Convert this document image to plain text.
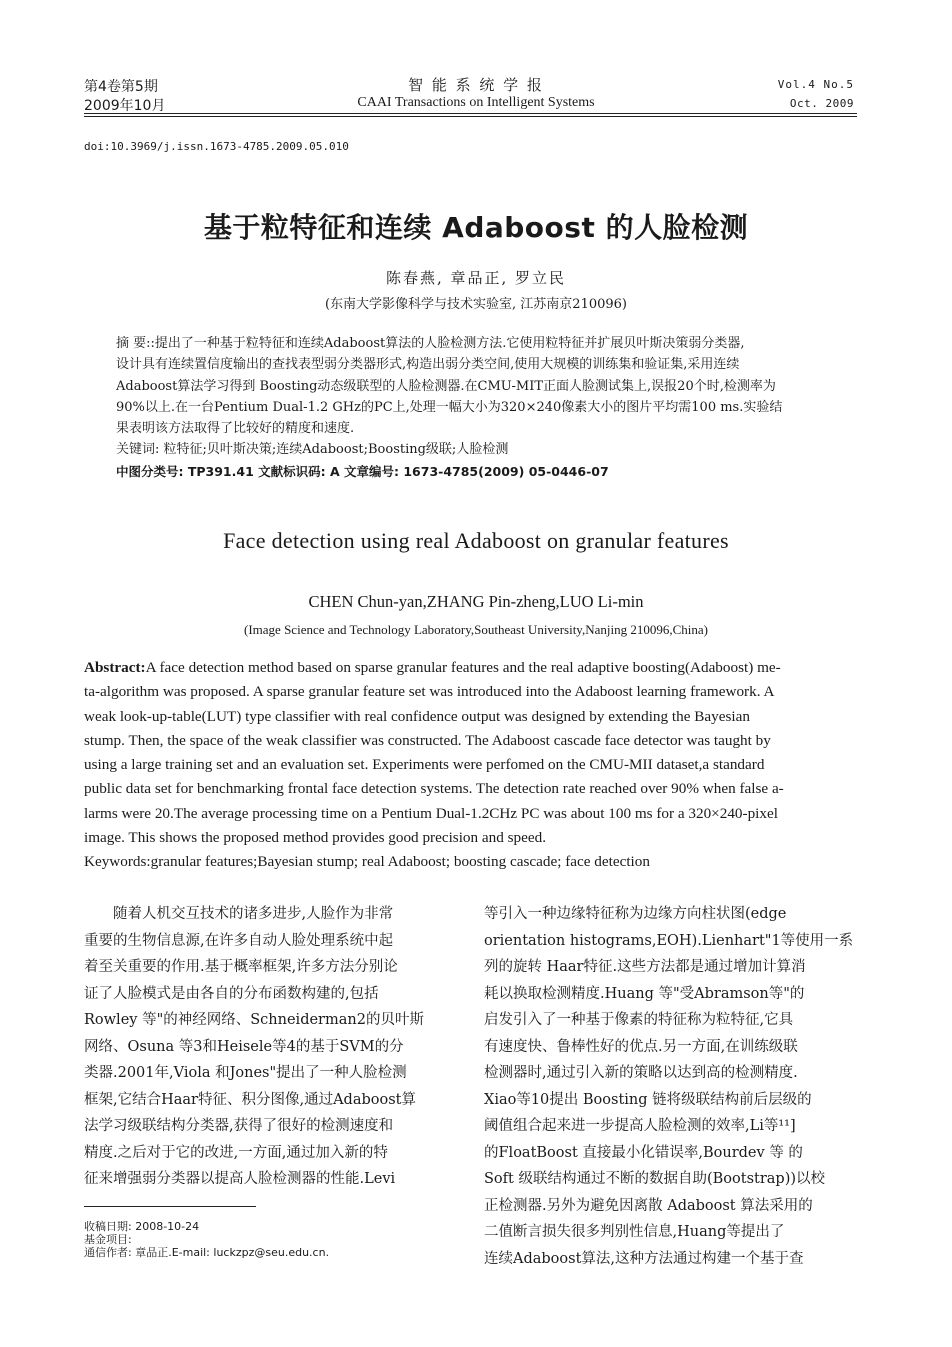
第4卷第5期
2009年10月
智 能 系 统 学 报
CAAI Transactions on Intelligent Systems
Vol.4 No.5
Oct. 2009
doi:10.3969/j.issn.1673-4785.2009.05.010
基于粒特征和连续 Adaboost 的人脸检测
陈春燕, 章品正, 罗立民
(东南大学影像科学与技术实验室, 江苏南京210096)

摘 要::提出了一种基于粒特征和连续Adaboost算法的人脸检测方法.它使用粒特征并扩展贝叶斯决策弱分类器,

设计具有连续置信度输出的查找表型弱分类器形式,构造出弱分类空间,使用大规模的训练集和验证集,采用连续

Adaboost算法学习得到 Boosting动态级联型的人脸检测器.在CMU-MIT正面人脸测试集上,误报20个时,检测率为

90%以上.在一台Pentium Dual-1.2 GHz的PC上,处理一幅大小为320×240像素大小的图片平均需100 ms.实验结

果表明该方法取得了比较好的精度和速度.

关键词: 粒特征;贝叶斯决策;连续Adaboost;Boosting级联;人脸检测

中图分类号: TP391.41 文献标识码: A 文章编号: 1673-4785(2009) 05-0446-07

Face detection using real Adaboost on granular features
CHEN Chun-yan,ZHANG Pin-zheng,LUO Li-min
(Image Science and Technology Laboratory,Southeast University,Nanjing 210096,China)

Abstract:A face detection method based on sparse granular features and the real adaptive boosting(Adaboost) me-

ta-algorithm was proposed. A sparse granular feature set was introduced into the Adaboost learning framework. A

weak look-up-table(LUT) type classifier with real confidence output was designed by extending the Bayesian

stump. Then, the space of the weak classifier was constructed. The Adaboost cascade face detector was taught by

using a large training set and an evaluation set. Experiments were perfomed on the CMU-MII dataset,a standard

public data set for benchmarking frontal face detection systems. The detection rate reached over 90% when false a-

larms were 20.The average processing time on a Pentium Dual-1.2CHz PC was about 100 ms for a 320×240-pixel

image. This shows the proposed method provides good precision and speed.

Keywords:granular features;Bayesian stump; real Adaboost; boosting cascade; face detection

　　随着人机交互技术的诸多进步,人脸作为非常

重要的生物信息源,在许多自动人脸处理系统中起

着至关重要的作用.基于概率框架,许多方法分别论

证了人脸模式是由各自的分布函数构建的,包括

Rowley 等"的神经网络、Schneiderman2的贝叶斯

网络、Osuna 等3和Heisele等4的基于SVM的分

类器.2001年,Viola 和Jones"提出了一种人脸检测

框架,它结合Haar特征、积分图像,通过Adaboost算

法学习级联结构分类器,获得了很好的检测速度和

精度.之后对于它的改进,一方面,通过加入新的特

征来增强弱分类器以提高人脸检测器的性能.Levi

收稿日期: 2008-10-24

基金项目:

通信作者: 章品正.E-mail: luckzpz@seu.edu.cn.

等引入一种边缘特征称为边缘方向柱状图(edge

orientation histograms,EOH).Lienhart"1等使用一系

列的旋转 Haar特征.这些方法都是通过增加计算消

耗以换取检测精度.Huang 等"受Abramson等"的

启发引入了一种基于像素的特征称为粒特征,它具

有速度快、鲁棒性好的优点.另一方面,在训练级联

检测器时,通过引入新的策略以达到高的检测精度.

Xiao等10提出 Boosting 链将级联结构前后层级的

阈值组合起来进一步提高人脸检测的效率,Li等¹¹]

的FloatBoost 直接最小化错误率,Bourdev 等 的

Soft 级联结构通过不断的数据自助(Bootstrap))以校

正检测器.另外为避免因离散 Adaboost 算法采用的

二值断言损失很多判别性信息,Huang等提出了

连续Adaboost算法,这种方法通过构建一个基于查
